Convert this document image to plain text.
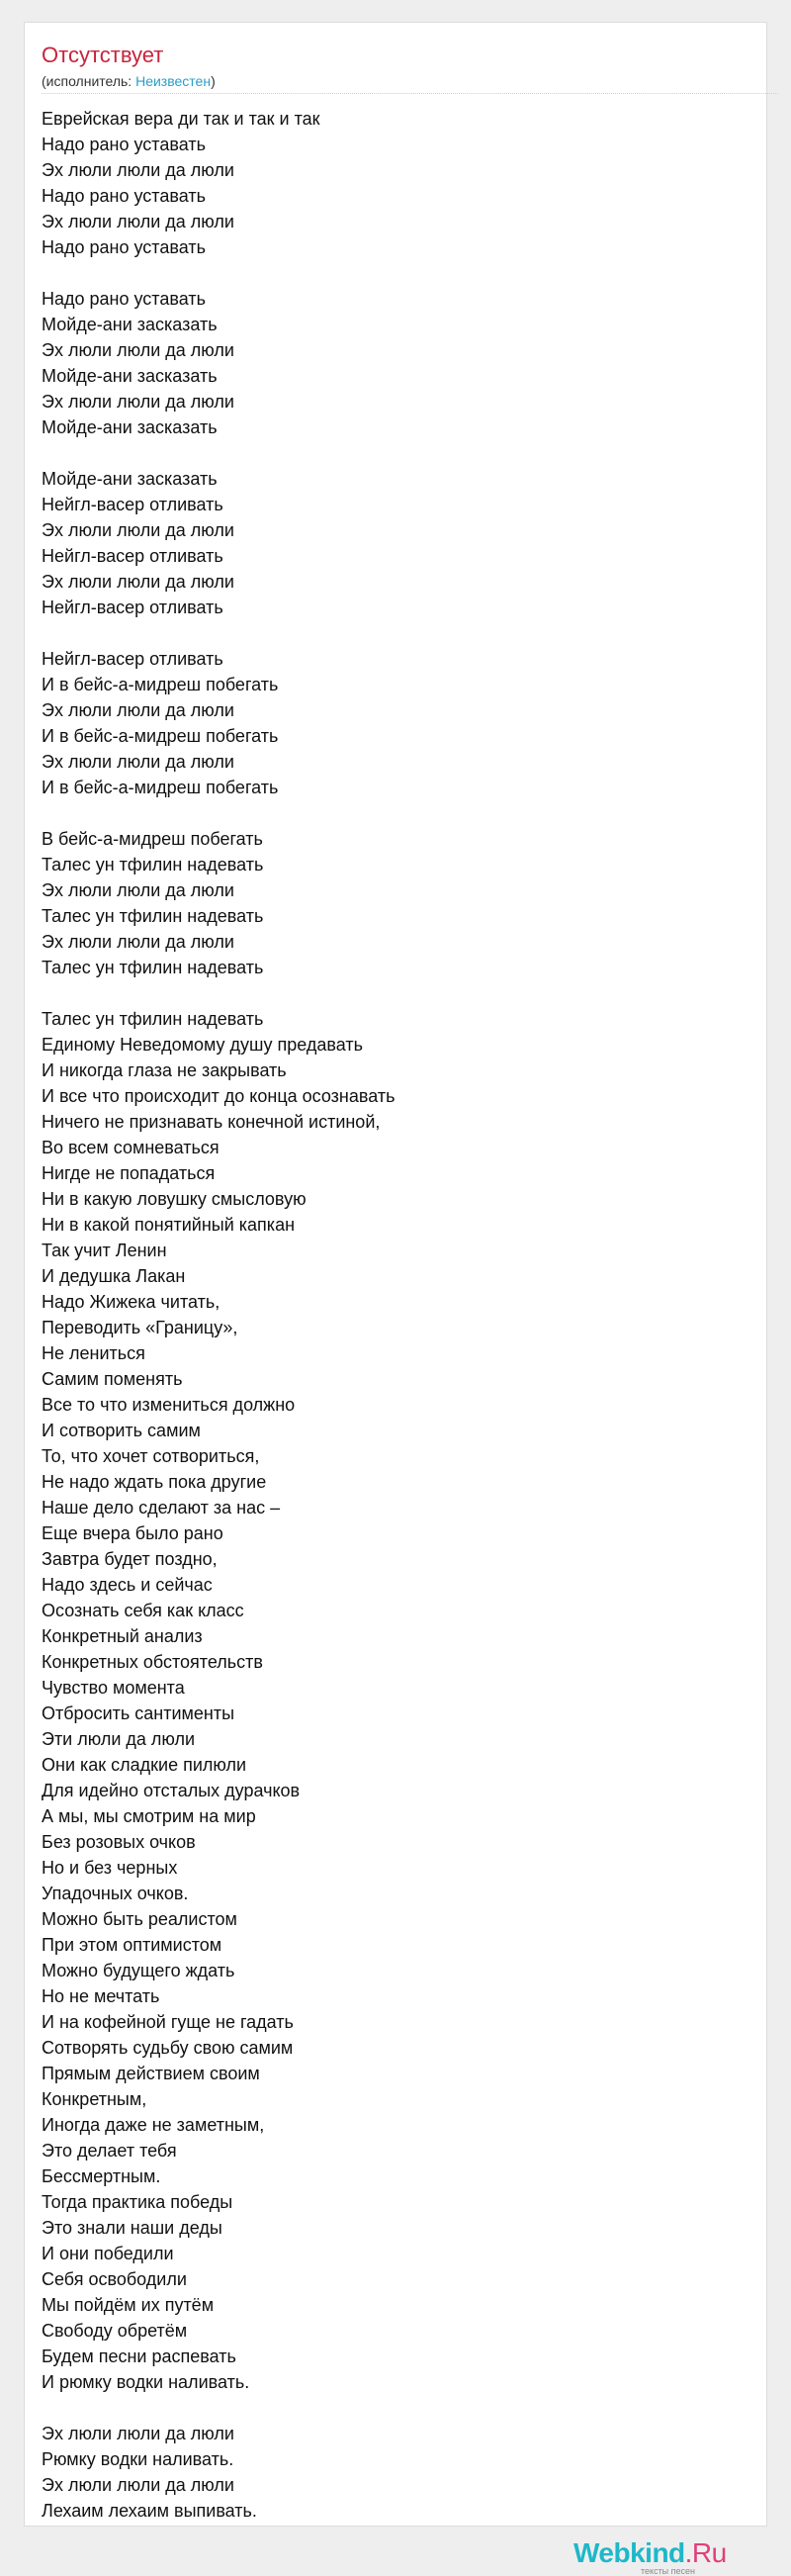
Отсутствует
(исполнитель: Неизвестен)
Еврейская вера ди так и так и так
Надо рано уставать
Эх люли люли да люли
Надо рано уставать
Эх люли люли да люли
Надо рано уставать
Надо рано уставать
Мойде-ани засказать
Эх люли люли да люли
Мойде-ани засказать
Эх люли люли да люли
Мойде-ани засказать
Мойде-ани засказать
Нейгл-васер отливать
Эх люли люли да люли
Нейгл-васер отливать
Эх люли люли да люли
Нейгл-васер отливать
Нейгл-васер отливать
И в бейс-а-мидреш побегать
Эх люли люли да люли
И в бейс-а-мидреш побегать
Эх люли люли да люли
И в бейс-а-мидреш побегать
В бейс-а-мидреш побегать
Талес ун тфилин надевать
Эх люли люли да люли
Талес ун тфилин надевать
Эх люли люли да люли
Талес ун тфилин надевать
Талес ун тфилин надевать
Единому Неведомому душу предавать
И никогда глаза не закрывать
И все что происходит до конца осознавать
Ничего не признавать конечной истиной,
Во всем сомневаться
Нигде не попадаться
Ни в какую ловушку смысловую
Ни в какой понятийный капкан
Так учит Ленин
И дедушка Лакан
Надо Жижека читать,
Переводить «Границу»,
Не лениться
Самим поменять
Все то что измениться должно
И сотворить самим
То, что хочет сотвориться,
Не надо ждать пока другие
Наше дело сделают за нас –
Еще вчера было рано
Завтра будет поздно,
Надо здесь и сейчас
Осознать себя как класс
Конкретный анализ
Конкретных обстоятельств
Чувство момента
Отбросить сантименты
Эти люли да люли
Они как сладкие пилюли
Для идейно отсталых дурачков
А мы, мы смотрим на мир
Без розовых очков
Но и без черных
Упадочных очков.
Можно быть реалистом
При этом оптимистом
Можно будущего ждать
Но не мечтать
И на кофейной гуще не гадать
Сотворять судьбу свою самим
Прямым действием своим
Конкретным,
Иногда даже не заметным,
Это делает тебя
Бессмертным.
Тогда практика победы
Это знали наши деды
И они победили
Себя освободили
Мы пойдём их путём
Свободу обретём
Будем песни распевать
И рюмку водки наливать.
Эх люли люли да люли
Рюмку водки наливать.
Эх люли люли да люли
Лехаим лехаим выпивать.
Webkind.Ru
тексты песен
